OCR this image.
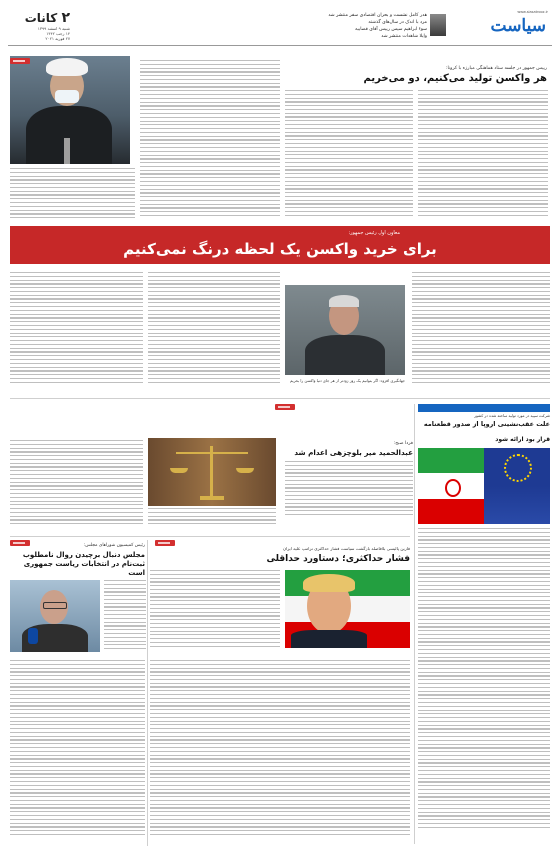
www.siasatrooz.ir
سیاست
هدر کامل نشست و بحران اقتصادی سفر منتشر شد
مرد با اندک در سال‌های گذشته
سوء ابراهیم سپس رییس آقای قضاییه
وایلا شاهدات منتشر شد
۲ کانات
شنبه ۹ اسفند ۱۳۹۹
۱۴ رجب ۱۴۴۲
۲۷ فوریه ۲۰۲۱
رییس جمهور در جلسه ستاد هماهنگی مبارزه با کرونا:
هر واکسن تولید می‌کنیم، دو می‌خریم
معاون اول رئیس جمهور:
برای خرید واکسن یک لحظه درنگ نمی‌کنیم
جهانگیری افزود: اگر بتوانیم یک روز زودتر از هر جای دنیا واکسن را بخریم
فردا صبح:
عبدالحمید میر بلوچزهی اعدام شد
شرکت سپید در مورد تولید ساخته شده در کشور
علت عقب‌نشینی اروپا از صدور قطعنامه
قرار بود ارائه شود
رئیس کمیسیون شوراهای مجلس:
مجلس دنبال برچیدن روال نامطلوب ثبت‌نام در انتخابات ریاست جمهوری است
فارین پالیسی بلافاصله بازگشت سیاست فشار حداکثری ترامپ علیه ایران
فشار حداکثری؛ دستاورد حداقلی
